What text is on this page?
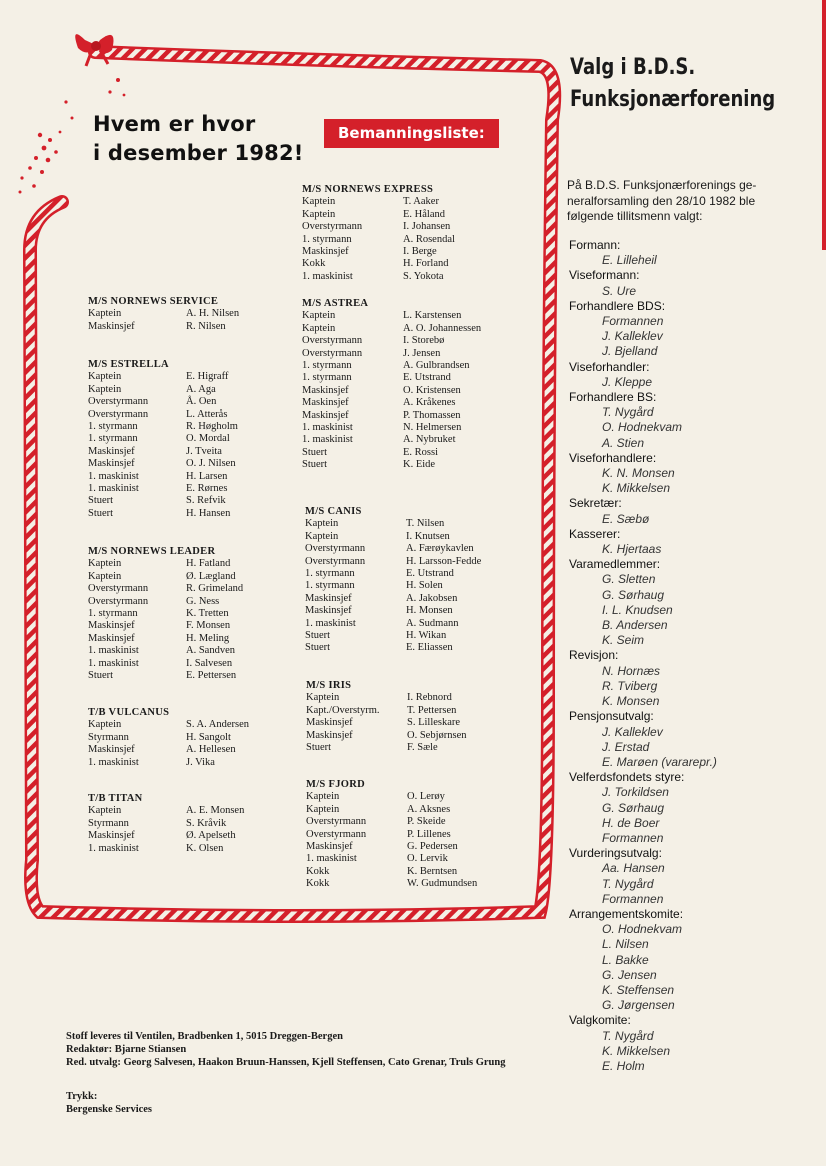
Hvem er hvor
i desember 1982!
Bemanningsliste:
M/S NORNEWS SERVICE
Kaptein	A. H. Nilsen
Maskinsjef	R. Nilsen
M/S ESTRELLA
Kaptein	E. Higraff
Kaptein	A. Aga
Overstyrmann	Å. Oen
Overstyrmann	L. Atterås
1. styrmann	R. Høgholm
1. styrmann	O. Mordal
Maskinsjef	J. Tveita
Maskinsjef	O. J. Nilsen
1. maskinist	H. Larsen
1. maskinist	E. Rørnes
Stuert	S. Refvik
Stuert	H. Hansen
M/S NORNEWS LEADER
Kaptein	H. Fatland
Kaptein	Ø. Lægland
Overstyrmann	R. Grimeland
Overstyrmann	G. Ness
1. styrmann	K. Tretten
Maskinsjef	F. Monsen
Maskinsjef	H. Meling
1. maskinist	A. Sandven
1. maskinist	I. Salvesen
Stuert	E. Pettersen
T/B VULCANUS
Kaptein	S. A. Andersen
Styrmann	H. Sangolt
Maskinsjef	A. Hellesen
1. maskinist	J. Vika
T/B TITAN
Kaptein	A. E. Monsen
Styrmann	S. Kråvik
Maskinsjef	Ø. Apelseth
1. maskinist	K. Olsen
M/S NORNEWS EXPRESS
Kaptein	T. Aaker
Kaptein	E. Håland
Overstyrmann	I. Johansen
1. styrmann	A. Rosendal
Maskinsjef	I. Berge
Kokk	H. Forland
1. maskinist	S. Yokota
M/S ASTREA
Kaptein	L. Karstensen
Kaptein	A. O. Johannessen
Overstyrmann	I. Storebø
Overstyrmann	J. Jensen
1. styrmann	A. Gulbrandsen
1. styrmann	E. Utstrand
Maskinsjef	O. Kristensen
Maskinsjef	A. Kråkenes
Maskinsjef	P. Thomassen
1. maskinist	N. Helmersen
1. maskinist	A. Nybruket
Stuert	E. Rossi
Stuert	K. Eide
M/S CANIS
Kaptein	T. Nilsen
Kaptein	I. Knutsen
Overstyrmann	A. Færøykavlen
Overstyrmann	H. Larsson-Fedde
1. styrmann	E. Utstrand
1. styrmann	H. Solen
Maskinsjef	A. Jakobsen
Maskinsjef	H. Monsen
1. maskinist	A. Sudmann
Stuert	H. Wikan
Stuert	E. Eliassen
M/S IRIS
Kaptein	I. Rebnord
Kapt./Overstyrm.	T. Pettersen
Maskinsjef	S. Lilleskare
Maskinsjef	O. Sebjørnsen
Stuert	F. Sæle
M/S FJORD
Kaptein	O. Lerøy
Kaptein	A. Aksnes
Overstyrmann	P. Skeide
Overstyrmann	P. Lillenes
Maskinsjef	G. Pedersen
1. maskinist	O. Lervik
Kokk	K. Berntsen
Kokk	W. Gudmundsen
Valg i B.D.S.
Funksjonærforening
På B.D.S. Funksjonærforenings ge-
neralforsamling den 28/10 1982 ble
følgende tillitsmenn valgt:
Formann:
E. Lilleheil
Viseformann:
S. Ure
Forhandlere BDS:
Formannen
J. Kalleklev
J. Bjelland
Viseforhandler:
J. Kleppe
Forhandlere BS:
T. Nygård
O. Hodnekvam
A. Stien
Viseforhandlere:
K. N. Monsen
K. Mikkelsen
Sekretær:
E. Sæbø
Kasserer:
K. Hjertaas
Varamedlemmer:
G. Sletten
G. Sørhaug
I. L. Knudsen
B. Andersen
K. Seim
Revisjon:
N. Hornæs
R. Tviberg
K. Monsen
Pensjonsutvalg:
J. Kalleklev
J. Erstad
E. Marøen (vararepr.)
Velferdsfondets styre:
J. Torkildsen
G. Sørhaug
H. de Boer
Formannen
Vurderingsutvalg:
Aa. Hansen
T. Nygård
Formannen
Arrangementskomite:
O. Hodnekvam
L. Nilsen
L. Bakke
G. Jensen
K. Steffensen
G. Jørgensen
Valgkomite:
T. Nygård
K. Mikkelsen
E. Holm
Stoff leveres til Ventilen, Bradbenken 1, 5015 Dreggen-Bergen
Redaktør: Bjarne Stiansen
Red. utvalg: Georg Salvesen, Haakon Bruun-Hanssen, Kjell Steffensen, Cato Grenar, Truls Grung
Trykk:
Bergenske Services
